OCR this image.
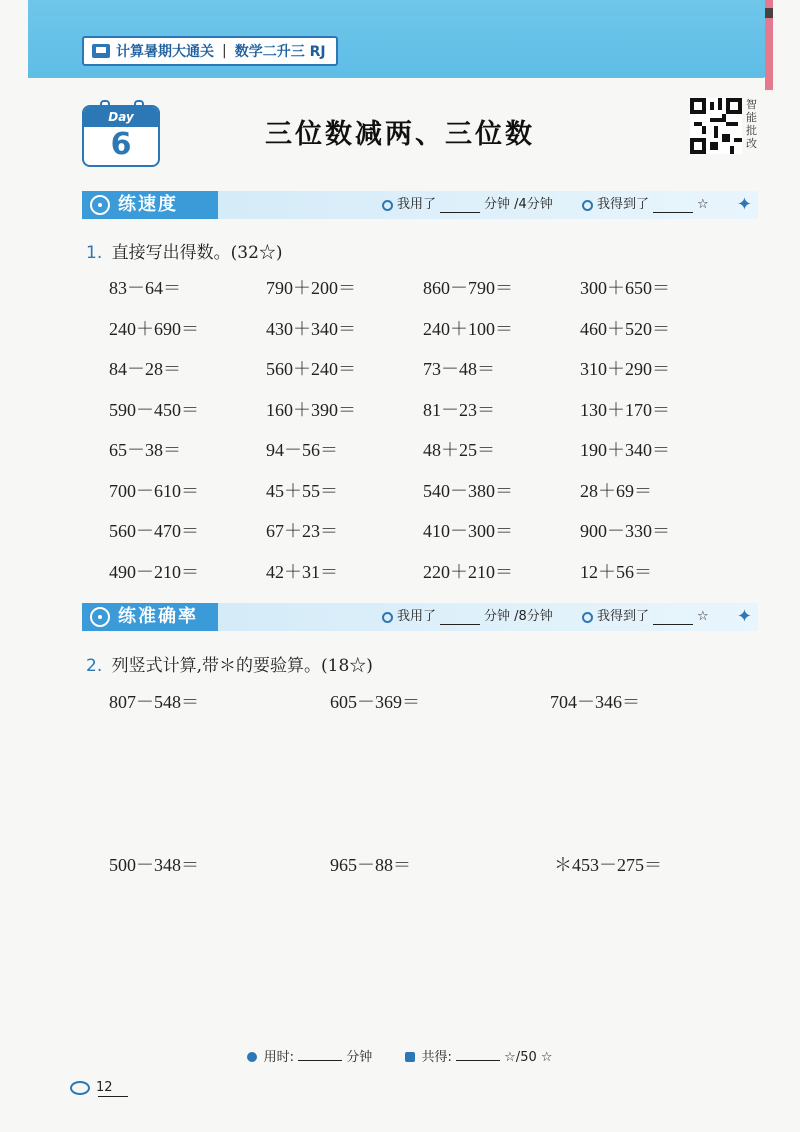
计算暑期大通关 | 数学二升三 RJ
Day
6	三位数减两、三位数
智能批改
练速度	我用了	分钟 /4分钟	我得到了	☆ ✦
1. 直接写出得数。(32☆)
83－64＝	790＋200＝	860－790＝	300＋650＝
240＋690＝	430＋340＝	240＋100＝	460＋520＝
84－28＝	560＋240＝	73－48＝	310＋290＝
590－450＝	160＋390＝	81－23＝	130＋170＝
65－38＝	94－56＝	48＋25＝	190＋340＝
700－610＝	45＋55＝	540－380＝	28＋69＝
560－470＝	67＋23＝	410－300＝	900－330＝
490－210＝	42＋31＝	220＋210＝	12＋56＝
练准确率	我用了	分钟 /8分钟	我得到了	☆ ✦
2. 列竖式计算,带＊的要验算。(18☆)
807－548＝	605－369＝	704－346＝
500－348＝	965－88＝	＊453－275＝
用时:	分钟	共得:	☆/50 ☆
12
